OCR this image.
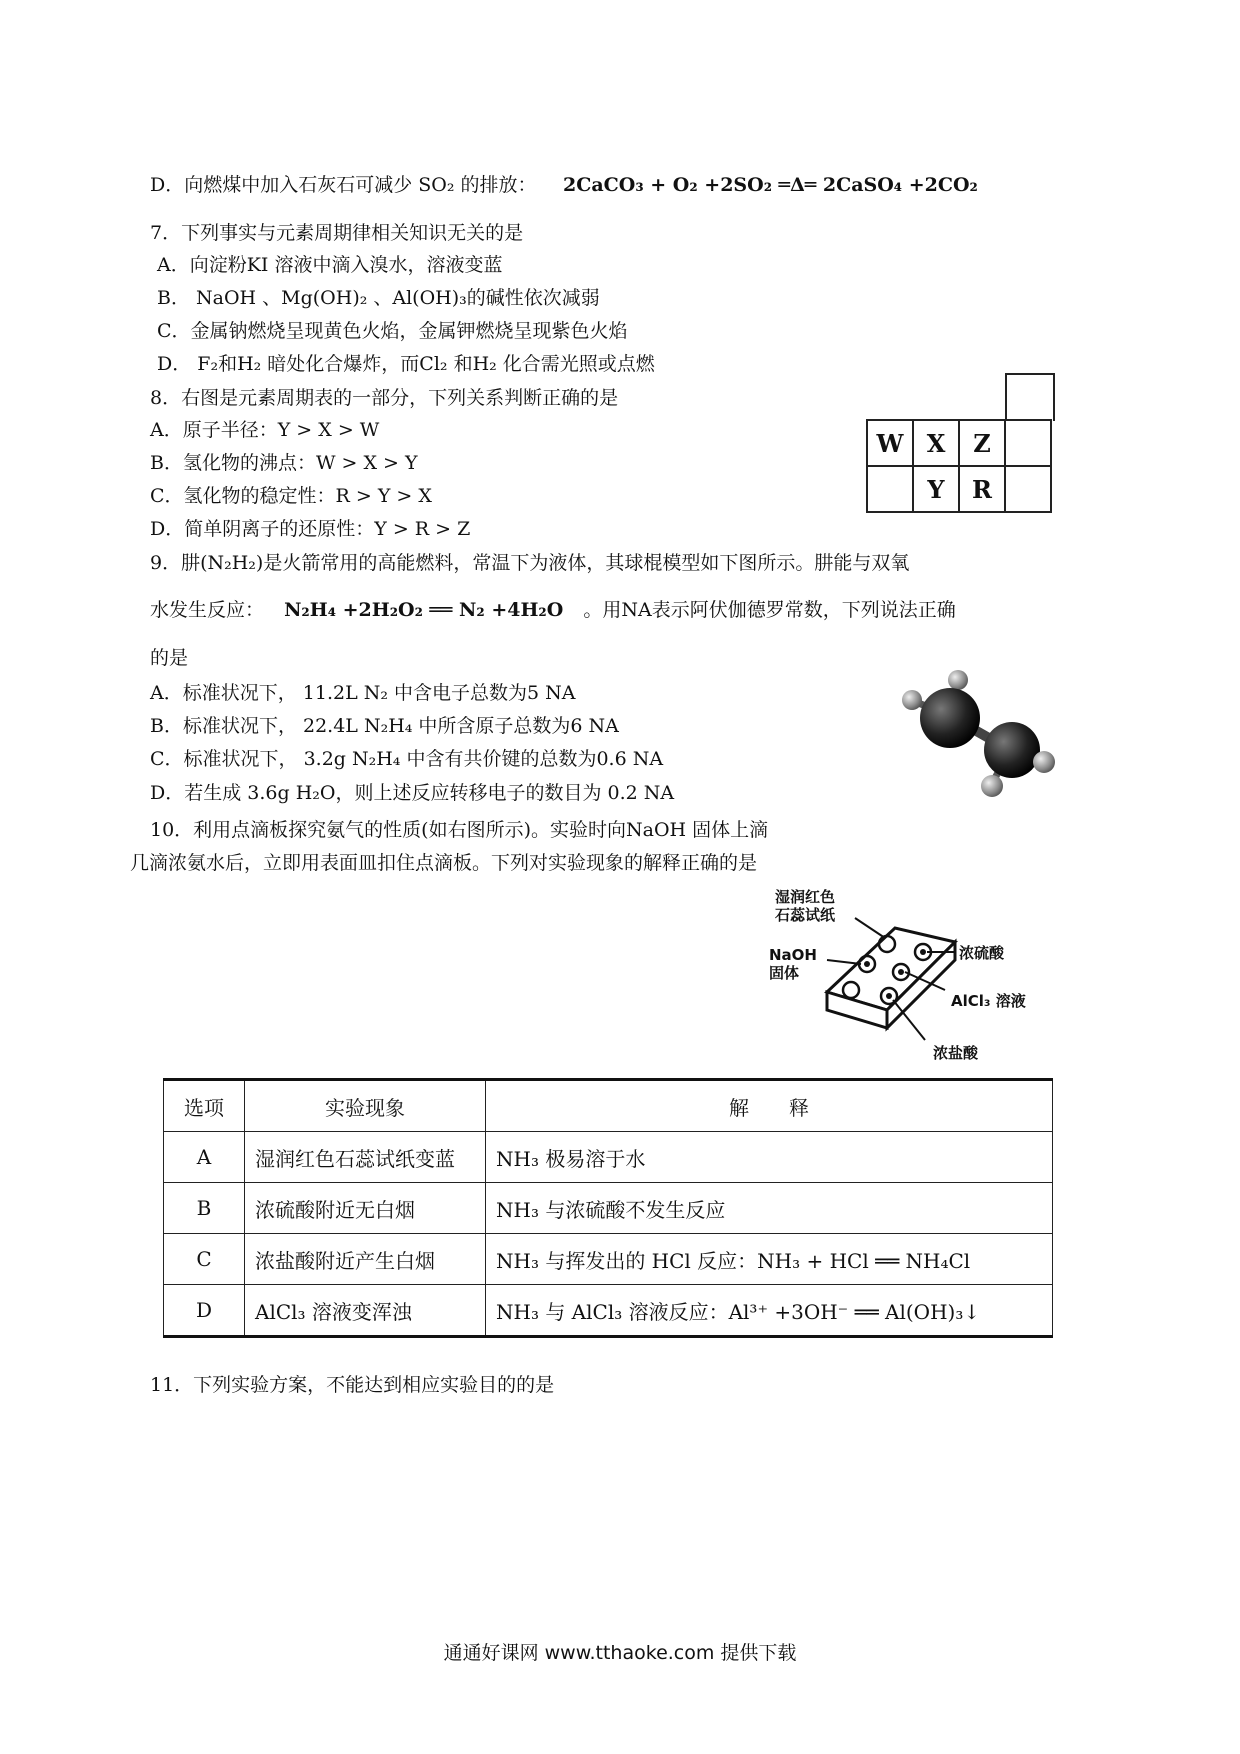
D．向燃煤中加入石灰石可减少 SO₂ 的排放： 2CaCO₃ + O₂ +2SO₂ ═Δ═ 2CaSO₄ +2CO₂
7．下列事实与元素周期律相关知识无关的是
A．向淀粉KI 溶液中滴入溴水，溶液变蓝
B． NaOH 、Mg(OH)₂ 、Al(OH)₃的碱性依次减弱
C．金属钠燃烧呈现黄色火焰，金属钾燃烧呈现紫色火焰
D． F₂和H₂ 暗处化合爆炸，而Cl₂ 和H₂ 化合需光照或点燃
8．右图是元素周期表的一部分，下列关系判断正确的是
A．原子半径：Y > X > W
B．氢化物的沸点：W > X > Y
C．氢化物的稳定性：R > Y > X
D．简单阴离子的还原性：Y > R > Z
W	X	Z	
	Y	R	
9．肼(N₂H₂)是火箭常用的高能燃料，常温下为液体，其球棍模型如下图所示。肼能与双氧
水发生反应： N₂H₄ +2H₂O₂ ══ N₂ +4H₂O 。用NA表示阿伏伽德罗常数，下列说法正确
的是
A．标准状况下， 11.2L N₂ 中含电子总数为5 NA
B．标准状况下， 22.4L N₂H₄ 中所含原子总数为6 NA
C．标准状况下， 3.2g N₂H₄ 中含有共价键的总数为0.6 NA
D．若生成 3.6g H₂O，则上述反应转移电子的数目为 0.2 NA
10．利用点滴板探究氨气的性质(如右图所示)。实验时向NaOH 固体上滴
几滴浓氨水后，立即用表面皿扣住点滴板。下列对实验现象的解释正确的是
湿润红色
石蕊试纸
NaOH
固体
浓硫酸
AlCl₃ 溶液
浓盐酸
选项	实验现象	解　　释
A	湿润红色石蕊试纸变蓝	NH₃ 极易溶于水
B	浓硫酸附近无白烟	NH₃ 与浓硫酸不发生反应
C	浓盐酸附近产生白烟	NH₃ 与挥发出的 HCl 反应：NH₃ + HCl ══ NH₄Cl
D	AlCl₃ 溶液变浑浊	NH₃ 与 AlCl₃ 溶液反应：Al³⁺ +3OH⁻ ══ Al(OH)₃↓
11．下列实验方案，不能达到相应实验目的的是
通通好课网 www.tthaoke.com 提供下载
